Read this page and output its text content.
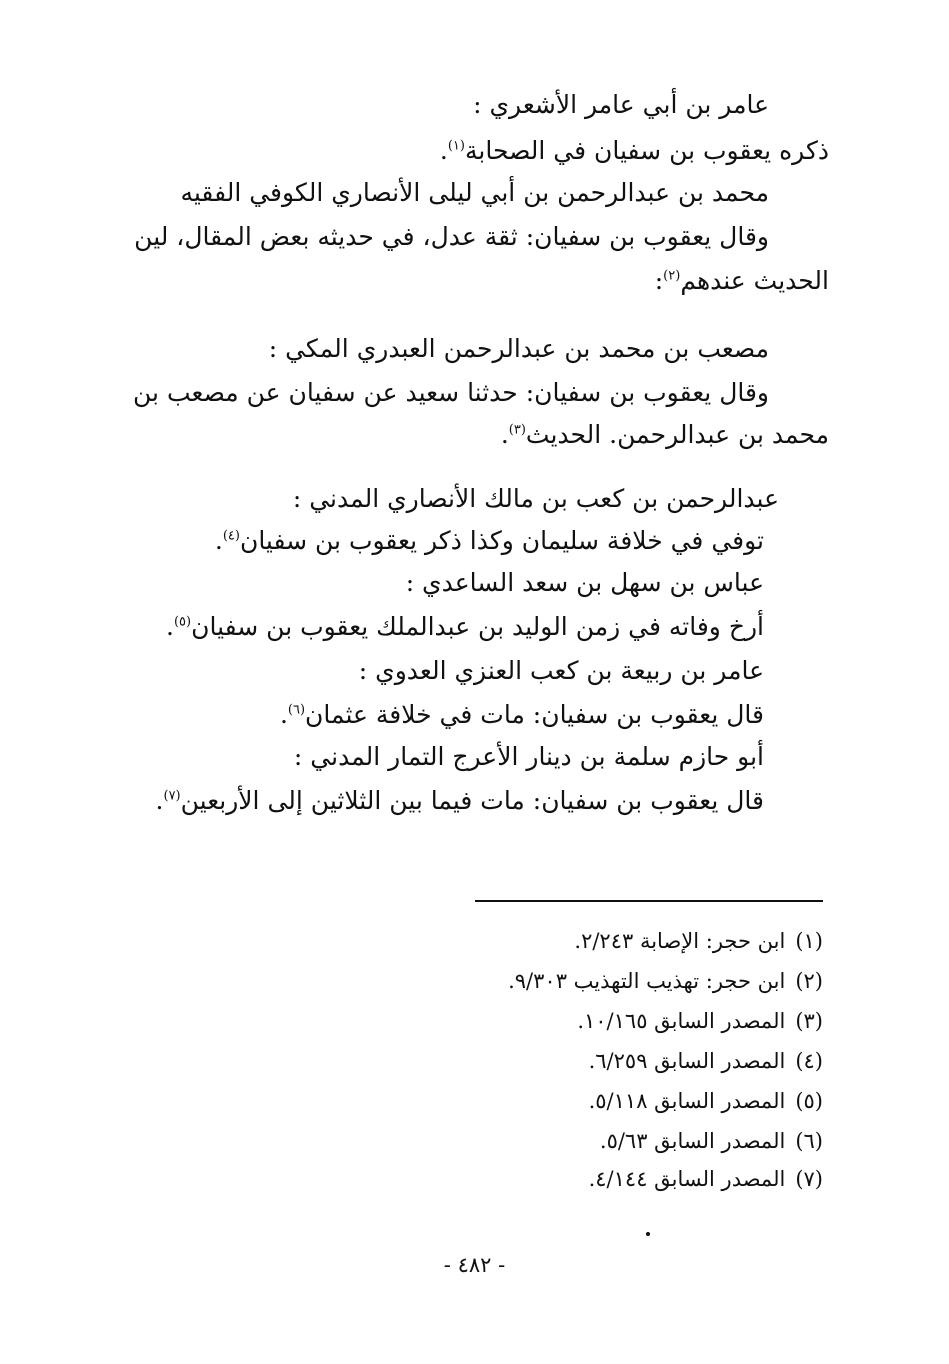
عامر بن أبي عامر الأشعري :
ذكره يعقوب بن سفيان في الصحابة$^{(١)}$.
محمد بن عبدالرحمن بن أبي ليلى الأنصاري الكوفي الفقيه
وقال يعقوب بن سفيان: ثقة عدل، في حديثه بعض المقال، لين
الحديث عندهم$^{(٢)}$:
مصعب بن محمد بن عبدالرحمن العبدري المكي :
وقال يعقوب بن سفيان: حدثنا سعيد عن سفيان عن مصعب بن
محمد بن عبدالرحمن. الحديث$^{(٣)}$.
عبدالرحمن بن كعب بن مالك الأنصاري المدني :
توفي في خلافة سليمان وكذا ذكر يعقوب بن سفيان$^{(٤)}$.
عباس بن سهل بن سعد الساعدي :
أرخ وفاته في زمن الوليد بن عبدالملك يعقوب بن سفيان$^{(٥)}$.
عامر بن ربيعة بن كعب العنزي العدوي :
قال يعقوب بن سفيان: مات في خلافة عثمان$^{(٦)}$.
أبو حازم سلمة بن دينار الأعرج التمار المدني :
قال يعقوب بن سفيان: مات فيما بين الثلاثين إلى الأربعين$^{(٧)}$.
(١)ابن حجر: الإصابة ٢/٢٤٣.
(٢)ابن حجر: تهذيب التهذيب ٩/٣٠٣.
(٣)المصدر السابق ١٠/١٦٥.
(٤)المصدر السابق ٦/٢٥٩.
(٥)المصدر السابق ٥/١١٨.
(٦)المصدر السابق ٥/٦٣.
(٧)المصدر السابق ٤/١٤٤.
- ٤٨٢ -
